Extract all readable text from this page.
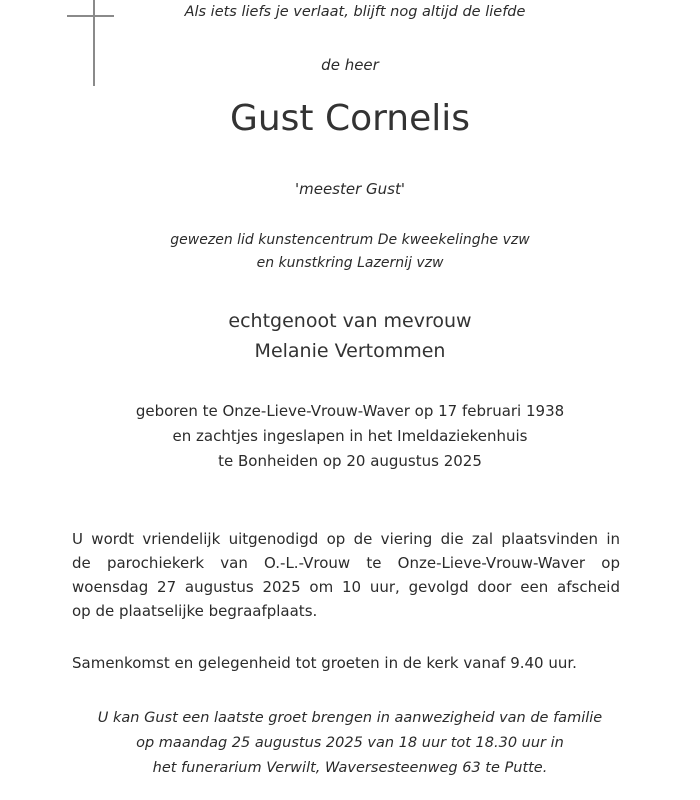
Als iets liefs je verlaat, blijft nog altijd de liefde
de heer
Gust Cornelis
'meester Gust'
gewezen lid kunstencentrum De kweekelinghe vzw
en kunstkring Lazernij vzw
echtgenoot van mevrouw
Melanie Vertommen
geboren te Onze-Lieve-Vrouw-Waver op 17 februari 1938
en zachtjes ingeslapen in het Imeldaziekenhuis
te Bonheiden op 20 augustus 2025
U wordt vriendelijk uitgenodigd op de viering die zal plaatsvinden in
de parochiekerk van O.-L.-Vrouw te Onze-Lieve-Vrouw-Waver op
woensdag 27 augustus 2025 om 10 uur, gevolgd door een afscheid
op de plaatselijke begraafplaats.
Samenkomst en gelegenheid tot groeten in de kerk vanaf 9.40 uur.
U kan Gust een laatste groet brengen in aanwezigheid van de familie
op maandag 25 augustus 2025 van 18 uur tot 18.30 uur in
het funerarium Verwilt, Waversesteenweg 63 te Putte.
